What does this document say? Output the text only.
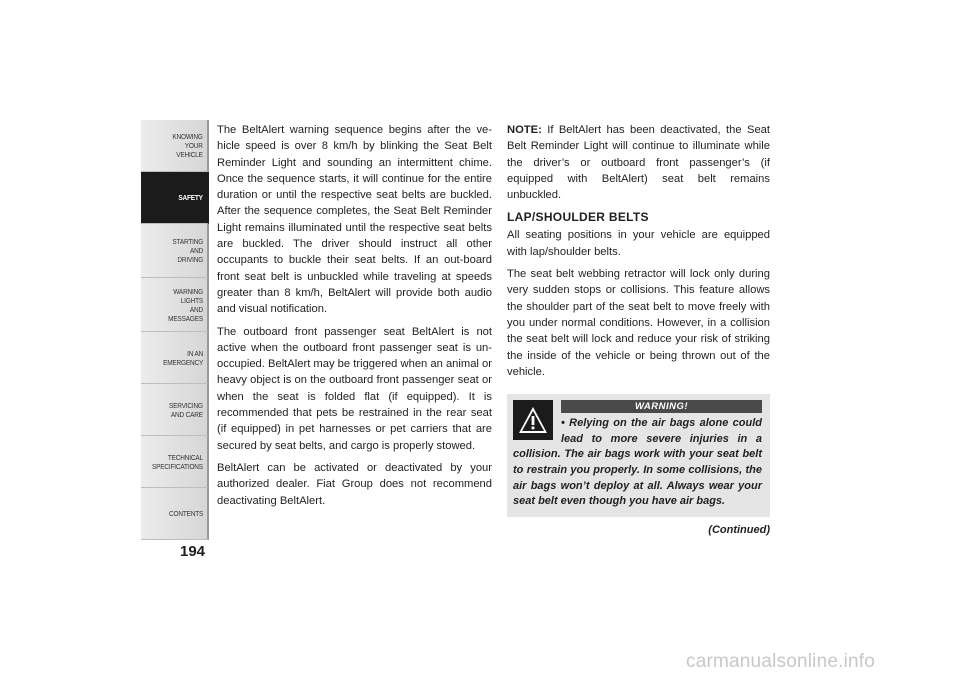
KNOWING
YOUR
VEHICLE
SAFETY
STARTING
AND
DRIVING
WARNING
LIGHTS
AND
MESSAGES
IN AN
EMERGENCY
SERVICING
AND CARE
TECHNICAL
SPECIFICATIONS
CONTENTS
194

The BeltAlert warning sequence begins after the ve-hicle speed is over 8 km/h by blinking the Seat Belt Reminder Light and sounding an intermittent chime. Once the sequence starts, it will continue for the entire duration or until the respective seat belts are buckled. After the sequence completes, the Seat Belt Reminder Light remains illuminated until the respective seat belts are buckled. The driver should instruct all other occupants to buckle their seat belts. If an out-board front seat belt is unbuckled while traveling at speeds greater than 8 km/h, BeltAlert will provide both audio and visual notification.

The outboard front passenger seat BeltAlert is not active when the outboard front passenger seat is un-occupied. BeltAlert may be triggered when an animal or heavy object is on the outboard front passenger seat or when the seat is folded flat (if equipped). It is recommended that pets be restrained in the rear seat (if equipped) in pet harnesses or pet carriers that are secured by seat belts, and cargo is properly stowed.

BeltAlert can be activated or deactivated by your authorized dealer. Fiat Group does not recommend deactivating BeltAlert.

NOTE: If BeltAlert has been deactivated, the Seat Belt Reminder Light will continue to illuminate while the driver’s or outboard front passenger’s (if equipped with BeltAlert) seat belt remains unbuckled.

LAP/SHOULDER BELTS

All seating positions in your vehicle are equipped with lap/shoulder belts.

The seat belt webbing retractor will lock only during very sudden stops or collisions. This feature allows the shoulder part of the seat belt to move freely with you under normal conditions. However, in a collision the seat belt will lock and reduce your risk of striking the inside of the vehicle or being thrown out of the vehicle.

WARNING!
• Relying on the air bags alone could lead to more severe injuries in a collision. The air bags work with your seat belt to restrain you properly. In some collisions, the air bags won’t deploy at all. Always wear your seat belt even though you have air bags.
(Continued)
carmanualsonline.info
